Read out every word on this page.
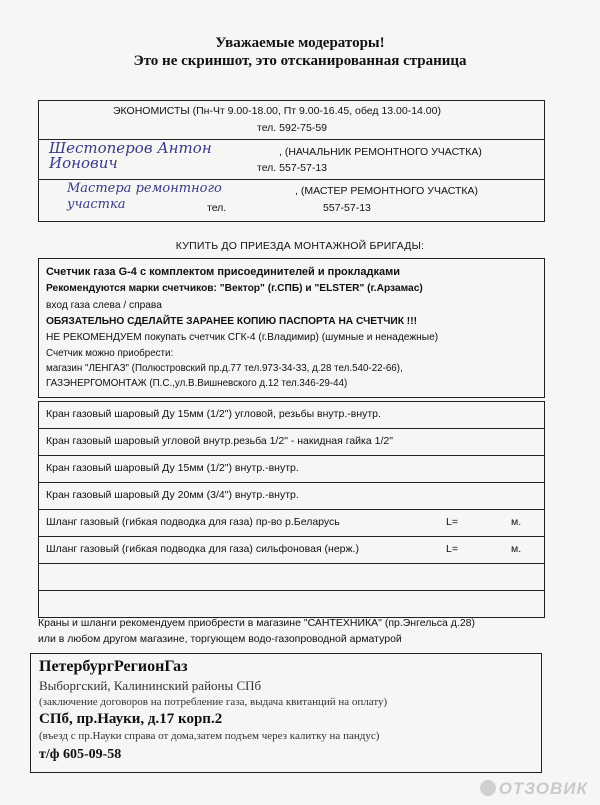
Уважаемые модераторы!
Это не скриншот, это отсканированная страница
ЭКОНОМИСТЫ (Пн-Чт 9.00-18.00, Пт 9.00-16.45, обед 13.00-14.00)
тел. 592-75-59
Шестоперов Антон Ионович
, (НАЧАЛЬНИК РЕМОНТНОГО УЧАСТКА)
тел. 557-57-13
Мастера ремонтного участка
, (МАСТЕР РЕМОНТНОГО УЧАСТКА)
тел.	557-57-13
КУПИТЬ ДО ПРИЕЗДА МОНТАЖНОЙ БРИГАДЫ:
Счетчик газа G-4 с комплектом присоединителей и прокладками
Рекомендуются марки счетчиков: "Вектор" (г.СПБ) и "ELSTER" (г.Арзамас)
вход газа слева / справа
ОБЯЗАТЕЛЬНО СДЕЛАЙТЕ ЗАРАНЕЕ КОПИЮ ПАСПОРТА НА СЧЕТЧИК !!!
НЕ РЕКОМЕНДУЕМ покупать счетчик СГК-4 (г.Владимир) (шумные и ненадежные)
Счетчик можно приобрести:
магазин "ЛЕНГАЗ" (Полюстровский пр.д.77 тел.973-34-33, д.28 тел.540-22-66),
ГАЗЭНЕРГОМОНТАЖ (П.С.,ул.В.Вишневского д.12 тел.346-29-44)
Кран газовый шаровый Ду 15мм (1/2") угловой, резьбы внутр.-внутр.
Кран газовый шаровый угловой внутр.резьба 1/2" - накидная гайка 1/2"
Кран газовый шаровый Ду 15мм (1/2") внутр.-внутр.
Кран газовый шаровый Ду 20мм (3/4") внутр.-внутр.
Шланг газовый (гибкая подводка для газа) пр-во р.Беларусь	L=	м.
Шланг газовый (гибкая подводка для газа) сильфоновая (нерж.)	L=	м.
Краны и шланги рекомендуем приобрести в магазине "САНТЕХНИКА" (пр.Энгельса д.28)
или в любом другом магазине, торгующем водо-газопроводной арматурой
ПетербургРегионГаз
Выборгский, Калининский районы СПб
(заключение договоров на потребление газа, выдача квитанций на оплату)
СПб, пр.Науки, д.17 корп.2
(въезд с пр.Науки справа от дома,затем подъем через калитку на пандус)
т/ф 605-09-58
ОТЗОВИК
